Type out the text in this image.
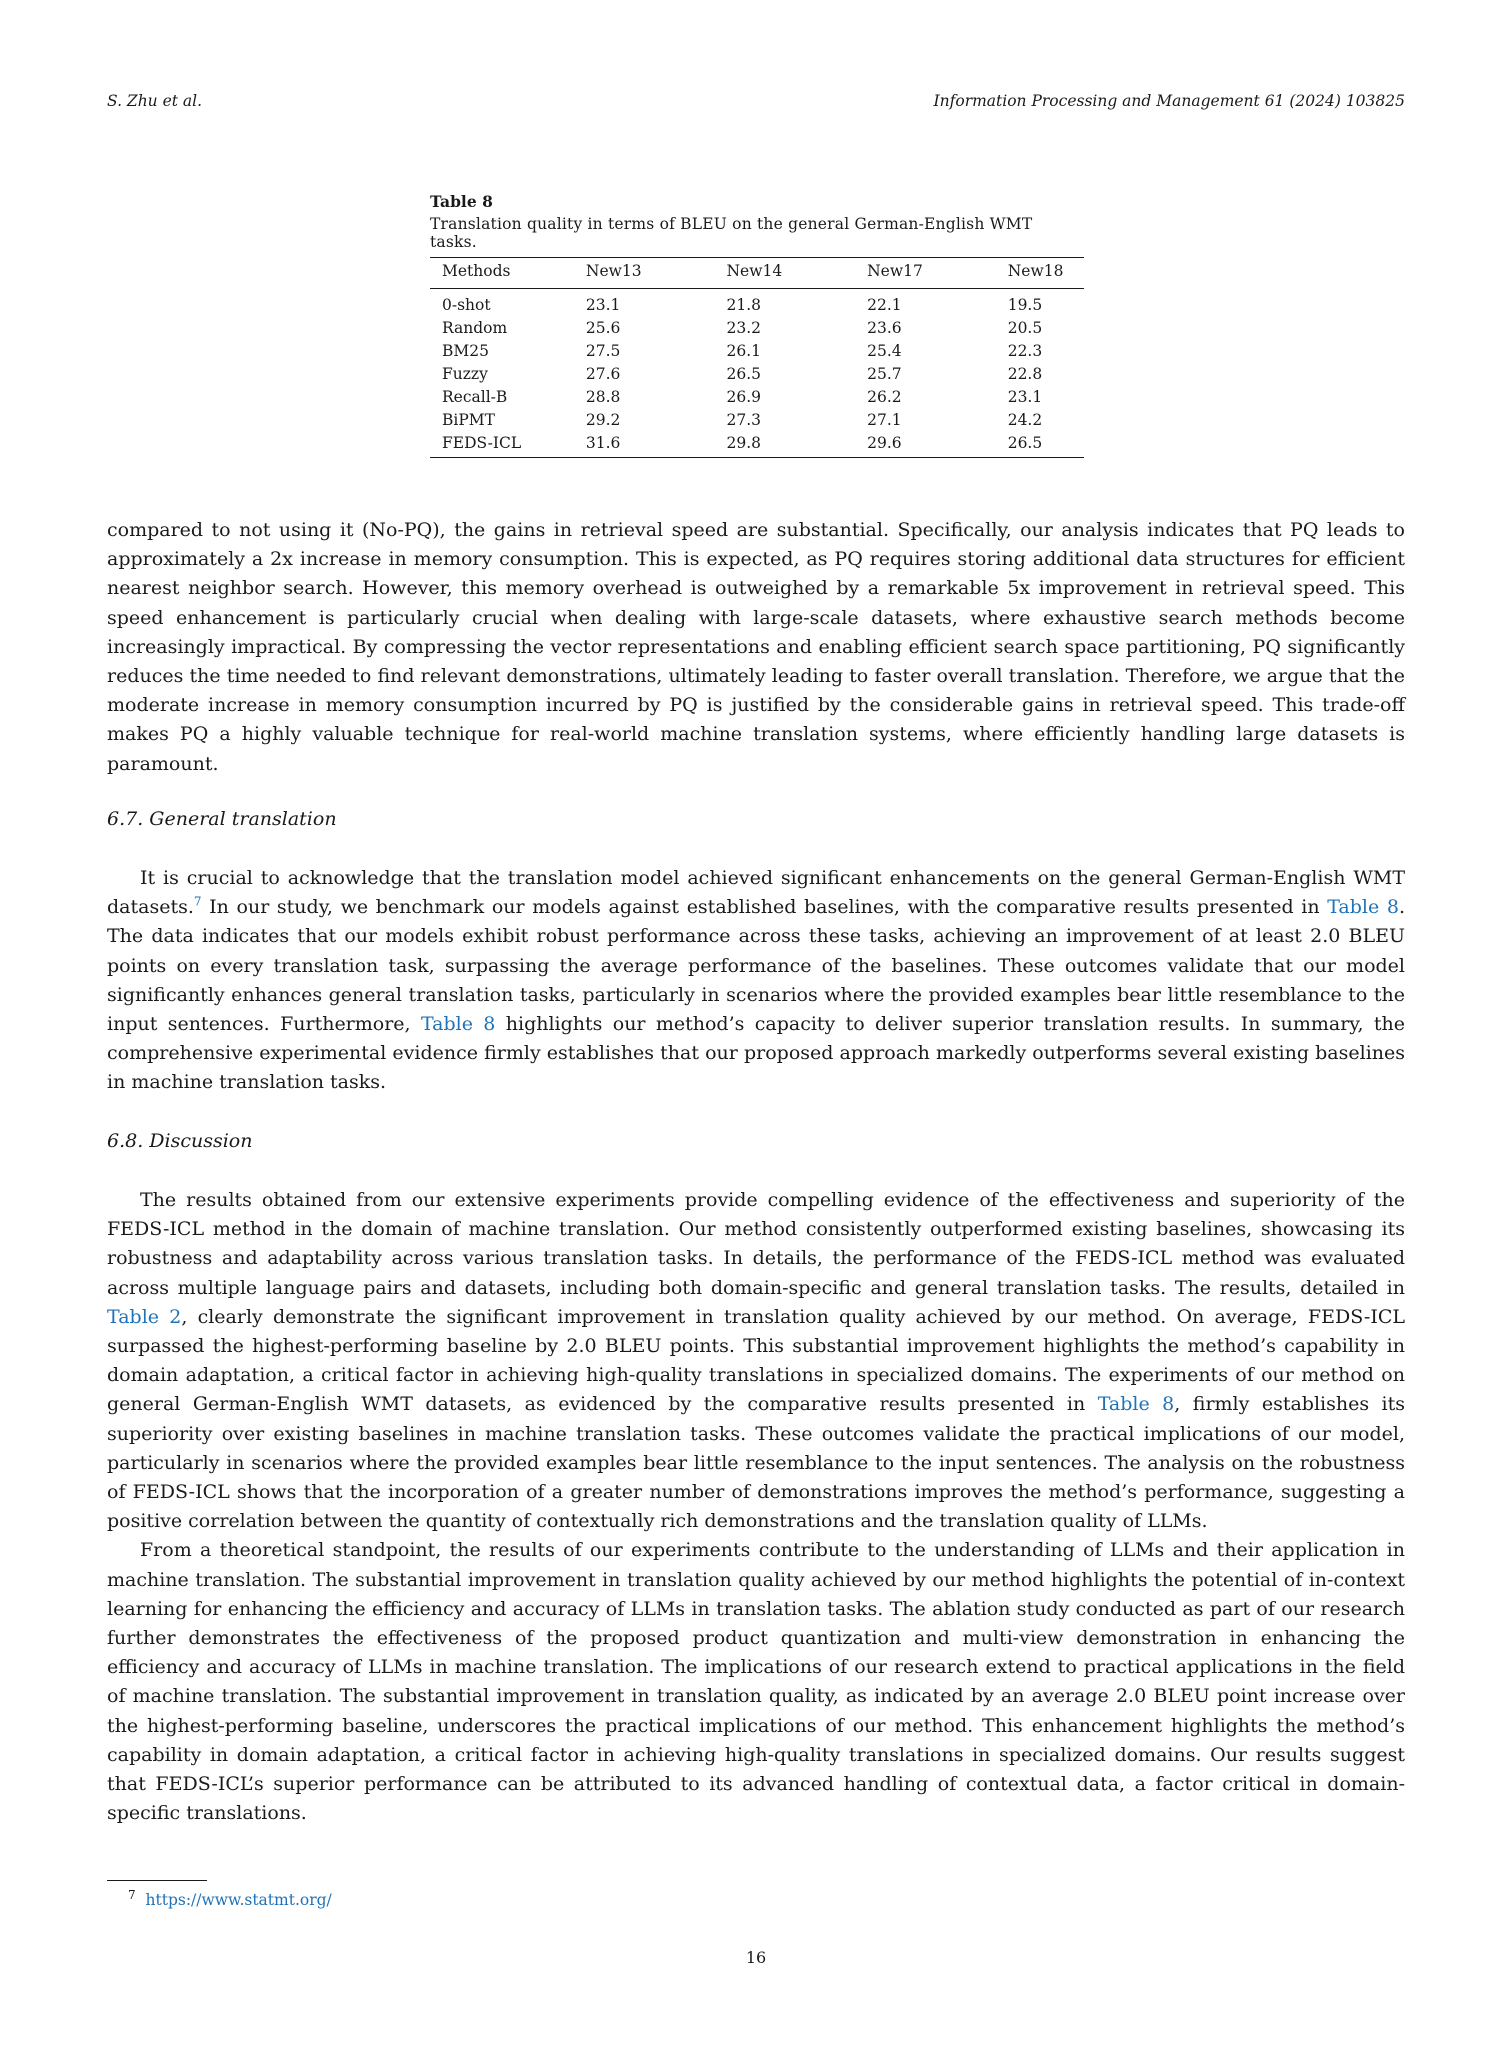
S. Zhu et al.	Information Processing and Management 61 (2024) 103825
Table 8
Translation quality in terms of BLEU on the general German-English WMT tasks.
Methods	New13	New14	New17	New18
0-shot	23.1	21.8	22.1	19.5
Random	25.6	23.2	23.6	20.5
BM25	27.5	26.1	25.4	22.3
Fuzzy	27.6	26.5	25.7	22.8
Recall-B	28.8	26.9	26.2	23.1
BiPMT	29.2	27.3	27.1	24.2
FEDS-ICL	31.6	29.8	29.6	26.5

compared to not using it (No-PQ), the gains in retrieval speed are substantial. Specifically, our analysis indicates that PQ leads to approximately a 2x increase in memory consumption. This is expected, as PQ requires storing additional data structures for efficient nearest neighbor search. However, this memory overhead is outweighed by a remarkable 5x improvement in retrieval speed. This speed enhancement is particularly crucial when dealing with large-scale datasets, where exhaustive search methods become increasingly impractical. By compressing the vector representations and enabling efficient search space partitioning, PQ significantly reduces the time needed to find relevant demonstrations, ultimately leading to faster overall translation. Therefore, we argue that the moderate increase in memory consumption incurred by PQ is justified by the considerable gains in retrieval speed. This trade-off makes PQ a highly valuable technique for real-world machine translation systems, where efficiently handling large datasets is paramount.

6.7. General translation

It is crucial to acknowledge that the translation model achieved significant enhancements on the general German-English WMT datasets.$^7$ In our study, we benchmark our models against established baselines, with the comparative results presented in Table 8. The data indicates that our models exhibit robust performance across these tasks, achieving an improvement of at least 2.0 BLEU points on every translation task, surpassing the average performance of the baselines. These outcomes validate that our model significantly enhances general translation tasks, particularly in scenarios where the provided examples bear little resemblance to the input sentences. Furthermore, Table 8 highlights our method’s capacity to deliver superior translation results. In summary, the comprehensive experimental evidence firmly establishes that our proposed approach markedly outperforms several existing baselines in machine translation tasks.

6.8. Discussion

The results obtained from our extensive experiments provide compelling evidence of the effectiveness and superiority of the FEDS-ICL method in the domain of machine translation. Our method consistently outperformed existing baselines, showcasing its robustness and adaptability across various translation tasks. In details, the performance of the FEDS-ICL method was evaluated across multiple language pairs and datasets, including both domain-specific and general translation tasks. The results, detailed in Table 2, clearly demonstrate the significant improvement in translation quality achieved by our method. On average, FEDS-ICL surpassed the highest-performing baseline by 2.0 BLEU points. This substantial improvement highlights the method’s capability in domain adaptation, a critical factor in achieving high-quality translations in specialized domains. The experiments of our method on general German-English WMT datasets, as evidenced by the comparative results presented in Table 8, firmly establishes its superiority over existing baselines in machine translation tasks. These outcomes validate the practical implications of our model, particularly in scenarios where the provided examples bear little resemblance to the input sentences. The analysis on the robustness of FEDS-ICL shows that the incorporation of a greater number of demonstrations improves the method’s performance, suggesting a positive correlation between the quantity of contextually rich demonstrations and the translation quality of LLMs.

From a theoretical standpoint, the results of our experiments contribute to the understanding of LLMs and their application in machine translation. The substantial improvement in translation quality achieved by our method highlights the potential of in-context learning for enhancing the efficiency and accuracy of LLMs in translation tasks. The ablation study conducted as part of our research further demonstrates the effectiveness of the proposed product quantization and multi-view demonstration in enhancing the efficiency and accuracy of LLMs in machine translation. The implications of our research extend to practical applications in the field of machine translation. The substantial improvement in translation quality, as indicated by an average 2.0 BLEU point increase over the highest-performing baseline, underscores the practical implications of our method. This enhancement highlights the method’s capability in domain adaptation, a critical factor in achieving high-quality translations in specialized domains. Our results suggest that FEDS-ICL’s superior performance can be attributed to its advanced handling of contextual data, a factor critical in domain-specific translations.

$^7$ https://www.statmt.org/
16
